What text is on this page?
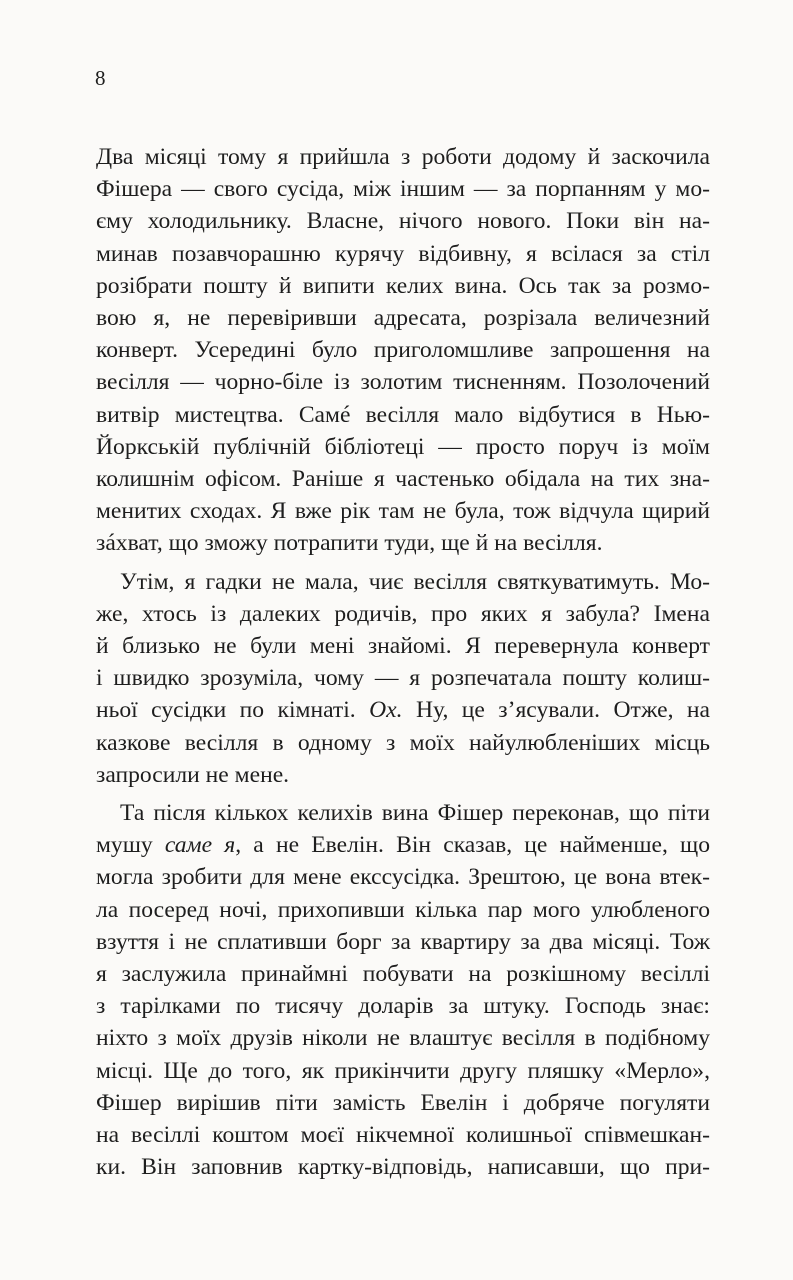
8

Два місяці тому я прийшла з роботи додому й заскочила
Фішера — свого сусіда, між іншим — за порпанням у мо-
єму холодильнику. Власне, нічого нового. Поки він на-
минав позавчорашню курячу відбивну, я всілася за стіл
розібрати пошту й випити келих вина. Ось так за розмо-
вою я, не перевіривши адресата, розрізала величезний
конверт. Усередині було приголомшливе запрошення на
весілля — чорно-біле із золотим тисненням. Позолочений
витвір мистецтва. Самé весілля мало відбутися в Нью-
Йоркській публічній бібліотеці — просто поруч із моїм
колишнім офісом. Раніше я частенько обідала на тих зна-
менитих сходах. Я вже рік там не була, тож відчула щирий
зáхват, що зможу потрапити туди, ще й на весілля.

Утім, я гадки не мала, чиє весілля святкуватимуть. Мо-
же, хтось із далеких родичів, про яких я забула? Імена
й близько не були мені знайомі. Я перевернула конверт
і швидко зрозуміла, чому — я розпечатала пошту колиш-
ньої сусідки по кімнаті. Ох. Ну, це з’ясували. Отже, на
казкове весілля в одному з моїх найулюбленіших місць
запросили не мене.

Та після кількох келихів вина Фішер переконав, що піти
мушу саме я, а не Евелін. Він сказав, це найменше, що
могла зробити для мене екссусідка. Зрештою, це вона втек-
ла посеред ночі, прихопивши кілька пар мого улюбленого
взуття і не сплативши борг за квартиру за два місяці. Тож
я заслужила принаймні побувати на розкішному весіллі
з тарілками по тисячу доларів за штуку. Господь знає:
ніхто з моїх друзів ніколи не влаштує весілля в подібному
місці. Ще до того, як прикінчити другу пляшку «Мерло»,
Фішер вирішив піти замість Евелін і добряче погуляти
на весіллі коштом моєї нікчемної колишньої співмешкан-
ки. Він заповнив картку-відповідь, написавши, що при-
